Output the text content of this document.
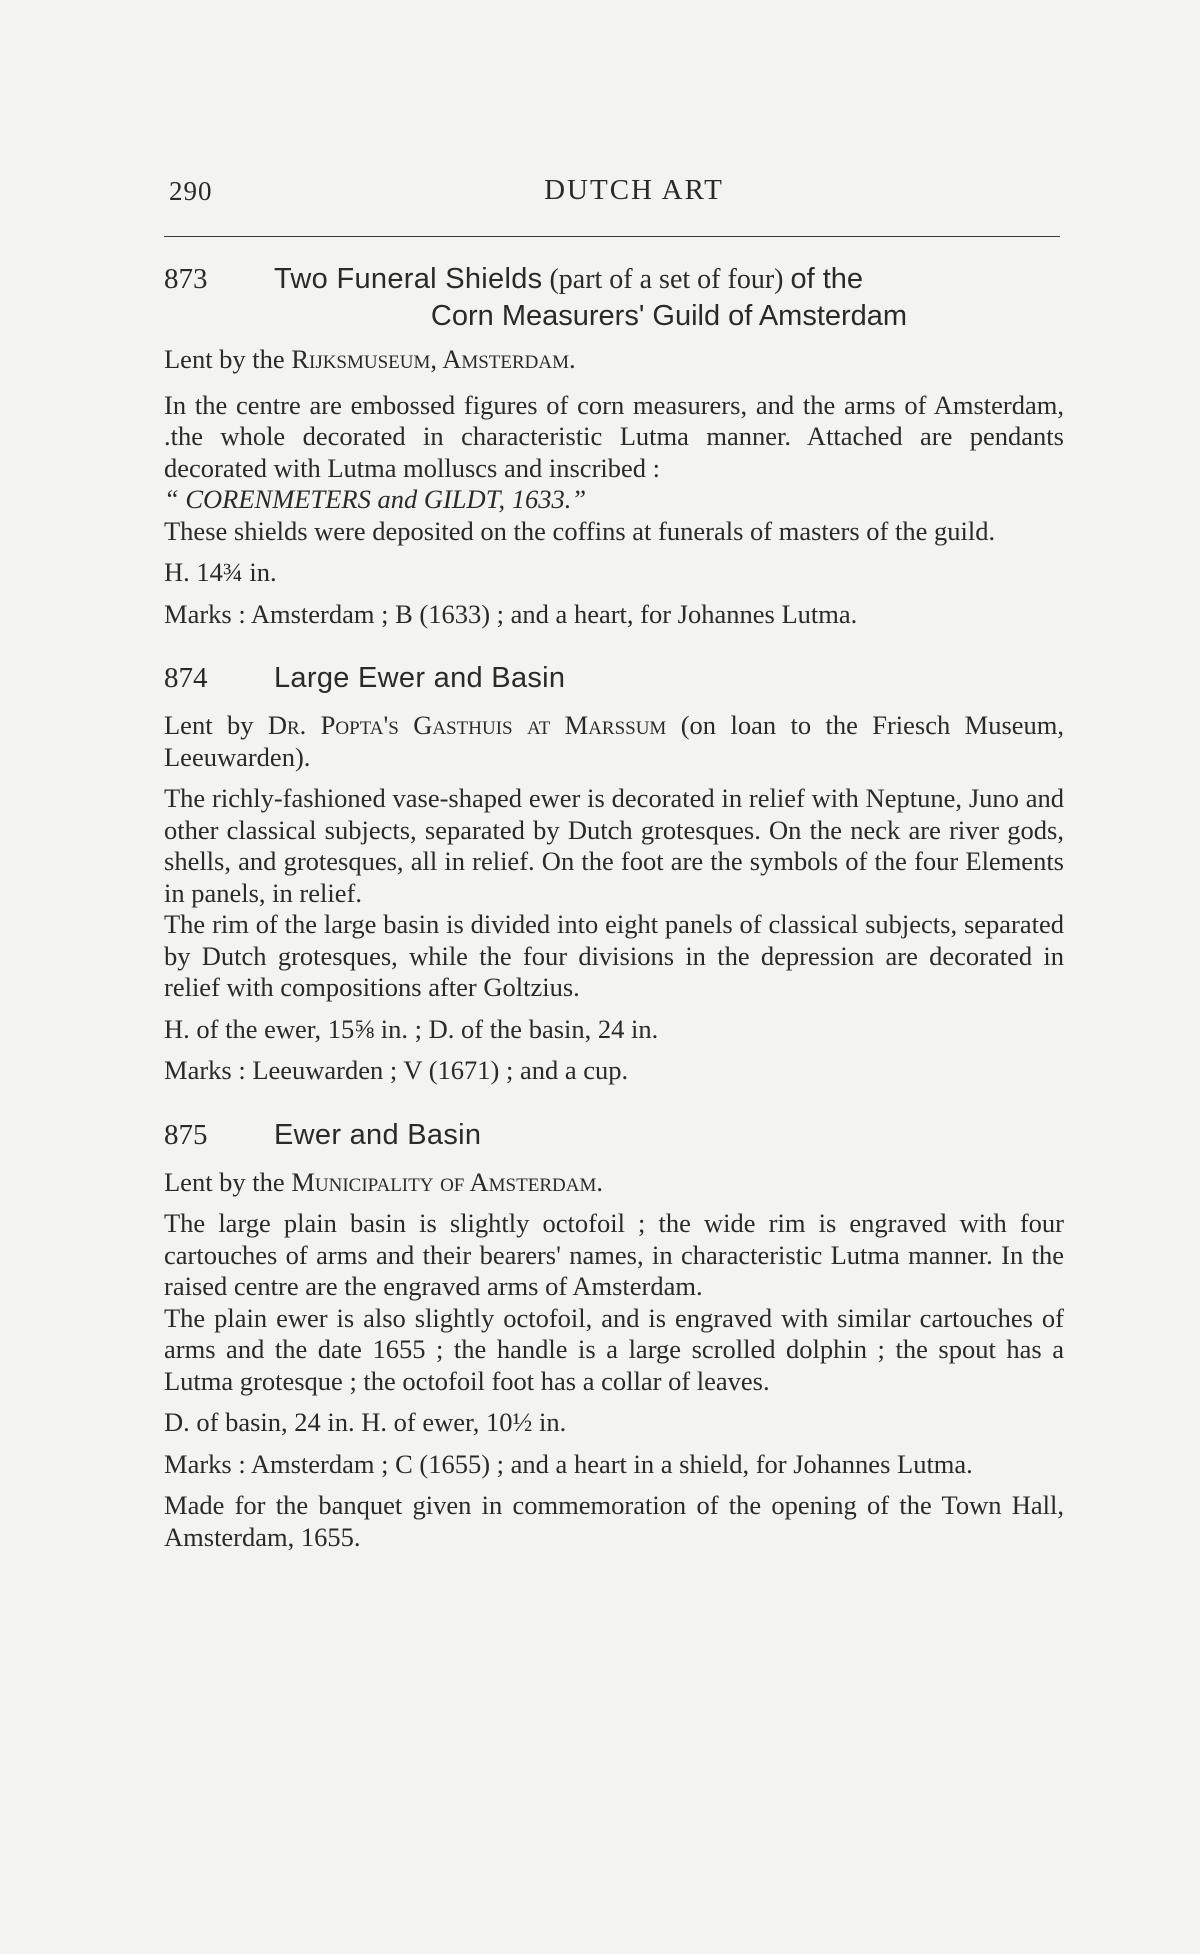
290	DUTCH ART
873 Two Funeral Shields (part of a set of four) of the
Corn Measurers' Guild of Amsterdam

Lent by the Rijksmuseum, Amsterdam.

In the centre are embossed figures of corn measurers, and the arms of Amsterdam, .the whole decorated in characteristic Lutma manner. Attached are pendants decorated with Lutma molluscs and inscribed :

“ CORENMETERS and GILDT, 1633.”

These shields were deposited on the coffins at funerals of masters of the guild.

H. 14¾ in.

Marks : Amsterdam ; B (1633) ; and a heart, for Johannes Lutma.

874 Large Ewer and Basin

Lent by Dr. Popta's Gasthuis at Marssum (on loan to the Friesch Museum, Leeuwarden).

The richly-fashioned vase-shaped ewer is decorated in relief with Neptune, Juno and other classical subjects, separated by Dutch grotesques. On the neck are river gods, shells, and grotesques, all in relief. On the foot are the symbols of the four Elements in panels, in relief.

The rim of the large basin is divided into eight panels of classical subjects, separated by Dutch grotesques, while the four divisions in the depression are decorated in relief with compositions after Goltzius.

H. of the ewer, 15⅝ in. ; D. of the basin, 24 in.

Marks : Leeuwarden ; V (1671) ; and a cup.

875 Ewer and Basin

Lent by the Municipality of Amsterdam.

The large plain basin is slightly octofoil ; the wide rim is engraved with four cartouches of arms and their bearers' names, in characteristic Lutma manner. In the raised centre are the engraved arms of Amsterdam.

The plain ewer is also slightly octofoil, and is engraved with similar cartouches of arms and the date 1655 ; the handle is a large scrolled dolphin ; the spout has a Lutma grotesque ; the octofoil foot has a collar of leaves.

D. of basin, 24 in. H. of ewer, 10½ in.

Marks : Amsterdam ; C (1655) ; and a heart in a shield, for Johannes Lutma.

Made for the banquet given in commemoration of the opening of the Town Hall, Amsterdam, 1655.
